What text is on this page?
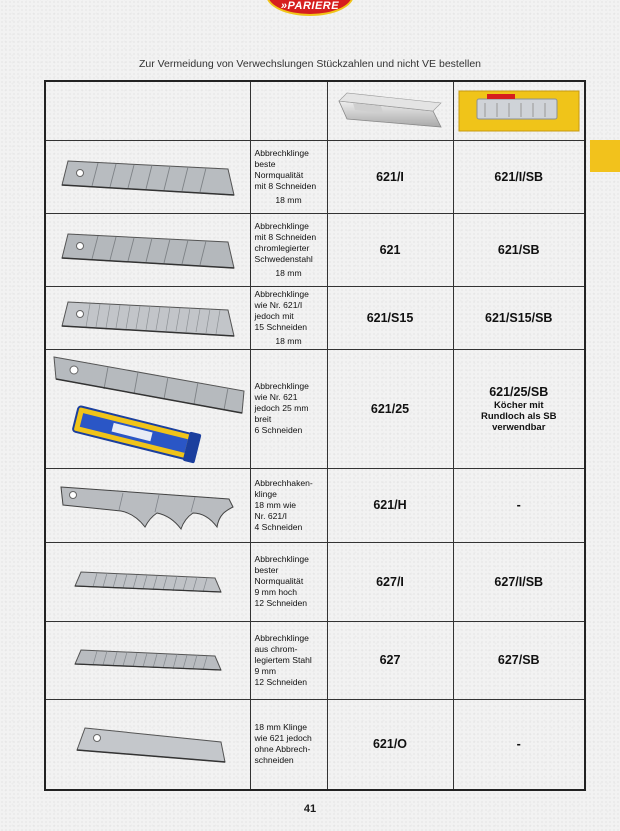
»PARIERE
Zur Vermeidung von Verwechslungen Stückzahlen und nicht VE bestellen

	Abbrechklinge
beste
Normqualität
mit 8 Schneiden
18 mm	621/I	621/I/SB

	Abbrechklinge
mit 8 Schneiden
chromlegierter
Schwedenstahl
18 mm	621	621/SB

	Abbrechklinge
wie Nr. 621/I
jedoch mit
15 Schneiden
18 mm	621/S15	621/S15/SB

	Abbrechklinge
wie Nr. 621
jedoch 25 mm
breit
6 Schneiden	621/25	621/25/SB
Köcher mit
Rundloch als SB
verwendbar

	Abbrechhaken-
klinge
18 mm wie
Nr. 621/I
4 Schneiden	621/H	-

	Abbrechklinge
bester
Normqualität
9 mm hoch
12 Schneiden	627/I	627/I/SB

	Abbrechklinge
aus chrom-
legiertem Stahl
9 mm
12 Schneiden	627	627/SB

	18 mm Klinge
wie 621 jedoch
ohne Abbrech-
schneiden	621/O	-
41
